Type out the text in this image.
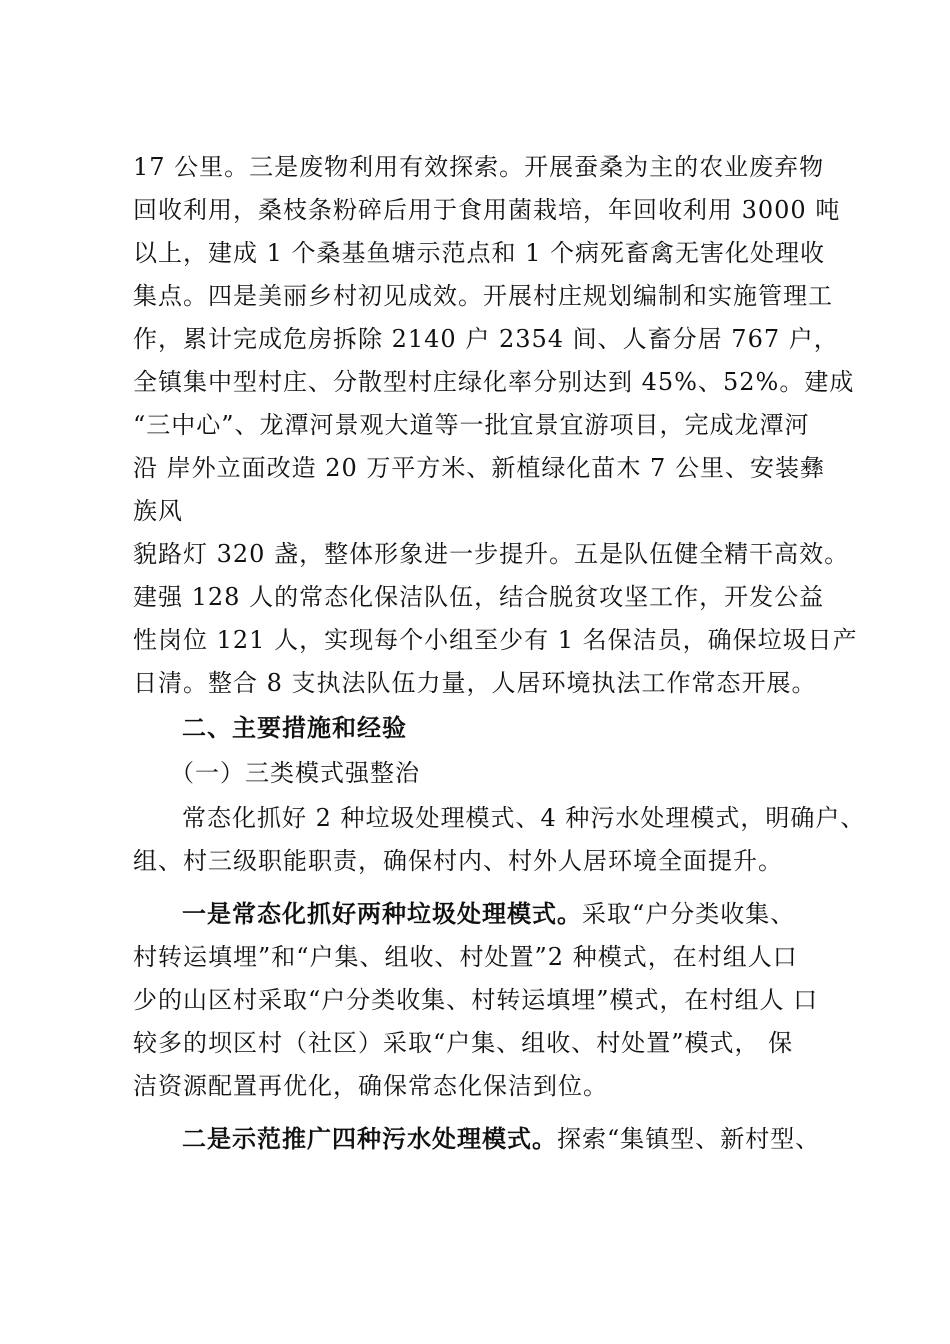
17 公里。三是废物利用有效探索。开展蚕桑为主的农业废弃物
回收利用，桑枝条粉碎后用于食用菌栽培，年回收利用 3000 吨
以上，建成 1 个桑基鱼塘示范点和 1 个病死畜禽无害化处理收
集点。四是美丽乡村初见成效。开展村庄规划编制和实施管理工
作，累计完成危房拆除 2140 户 2354 间、人畜分居 767 户，
全镇集中型村庄、分散型村庄绿化率分别达到 45%、52%。建成
“三中心”、龙潭河景观大道等一批宜景宜游项目，完成龙潭河
沿 岸外立面改造 20 万平方米、新植绿化苗木 7 公里、安装彝
族风
貌路灯 320 盏，整体形象进一步提升。五是队伍健全精干高效。
建强 128 人的常态化保洁队伍，结合脱贫攻坚工作，开发公益
性岗位 121 人，实现每个小组至少有 1 名保洁员，确保垃圾日产
日清。整合 8 支执法队伍力量，人居环境执法工作常态开展。
二、主要措施和经验
（一）三类模式强整治
常态化抓好 2 种垃圾处理模式、4 种污水处理模式，明确户、
组、村三级职能职责，确保村内、村外人居环境全面提升。
一是常态化抓好两种垃圾处理模式。采取“户分类收集、
村转运填埋”和“户集、组收、村处置”2 种模式，在村组人口
少的山区村采取“户分类收集、村转运填埋”模式，在村组人 口
较多的坝区村（社区）采取“户集、组收、村处置”模式， 保
洁资源配置再优化，确保常态化保洁到位。
二是示范推广四种污水处理模式。探索“集镇型、新村型、
